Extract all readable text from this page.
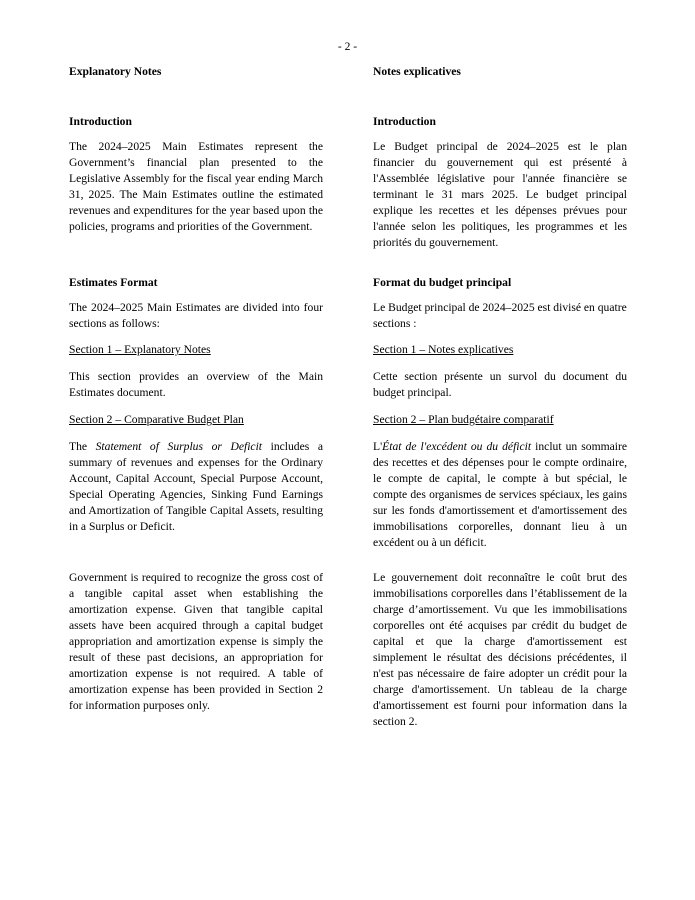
- 2 -
Explanatory Notes
Introduction
The 2024–2025 Main Estimates represent the Government’s financial plan presented to the Legislative Assembly for the fiscal year ending March 31, 2025. The Main Estimates outline the estimated revenues and expenditures for the year based upon the policies, programs and priorities of the Government.
Estimates Format
The 2024–2025 Main Estimates are divided into four sections as follows:
Section 1 – Explanatory Notes
This section provides an overview of the Main Estimates document.
Section 2 – Comparative Budget Plan
The Statement of Surplus or Deficit includes a summary of revenues and expenses for the Ordinary Account, Capital Account, Special Purpose Account, Special Operating Agencies, Sinking Fund Earnings and Amortization of Tangible Capital Assets, resulting in a Surplus or Deficit.
Government is required to recognize the gross cost of a tangible capital asset when establishing the amortization expense. Given that tangible capital assets have been acquired through a capital budget appropriation and amortization expense is simply the result of these past decisions, an appropriation for amortization expense is not required. A table of amortization expense has been provided in Section 2 for information purposes only.
Notes explicatives
Introduction
Le Budget principal de 2024–2025 est le plan financier du gouvernement qui est présenté à l'Assemblée législative pour l'année financière se terminant le 31 mars 2025. Le budget principal explique les recettes et les dépenses prévues pour l'année selon les politiques, les programmes et les priorités du gouvernement.
Format du budget principal
Le Budget principal de 2024–2025 est divisé en quatre sections :
Section 1 – Notes explicatives
Cette section présente un survol du document du budget principal.
Section 2 – Plan budgétaire comparatif
L'État de l'excédent ou du déficit inclut un sommaire des recettes et des dépenses pour le compte ordinaire, le compte de capital, le compte à but spécial, le compte des organismes de services spéciaux, les gains sur les fonds d'amortissement et d'amortissement des immobilisations corporelles, donnant lieu à un excédent ou à un déficit.
Le gouvernement doit reconnaître le coût brut des immobilisations corporelles dans l’établissement de la charge d’amortissement. Vu que les immobilisations corporelles ont été acquises par crédit du budget de capital et que la charge d'amortissement est simplement le résultat des décisions précédentes, il n'est pas nécessaire de faire adopter un crédit pour la charge d'amortissement. Un tableau de la charge d'amortissement est fourni pour information dans la section 2.
